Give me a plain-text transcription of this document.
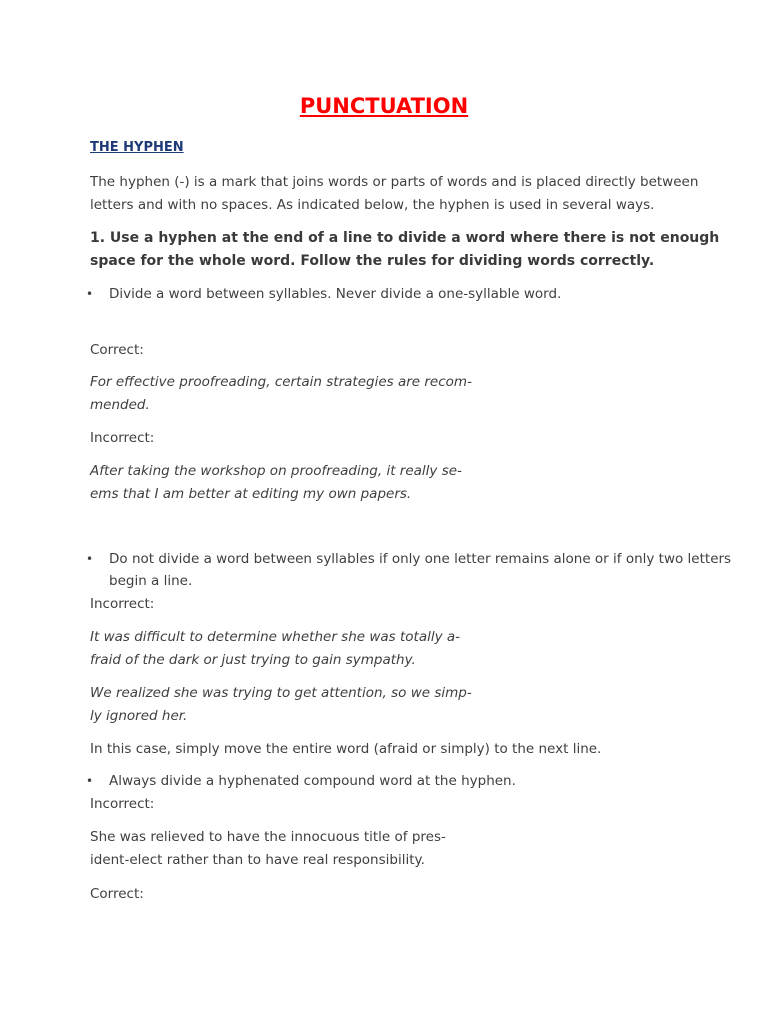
PUNCTUATION
THE HYPHEN
The hyphen (-) is a mark that joins words or parts of words and is placed directly between
letters and with no spaces. As indicated below, the hyphen is used in several ways.
1. Use a hyphen at the end of a line to divide a word where there is not enough
space for the whole word. Follow the rules for dividing words correctly.
•	Divide a word between syllables. Never divide a one-syllable word.
Correct:
For effective proofreading, certain strategies are recom-
mended.
Incorrect:
After taking the workshop on proofreading, it really se-
ems that I am better at editing my own papers.
•	Do not divide a word between syllables if only one letter remains alone or if only two letters
begin a line.
Incorrect:
It was difficult to determine whether she was totally a-
fraid of the dark or just trying to gain sympathy.
We realized she was trying to get attention, so we simp-
ly ignored her.
In this case, simply move the entire word (afraid or simply) to the next line.
•	Always divide a hyphenated compound word at the hyphen.
Incorrect:
She was relieved to have the innocuous title of pres-
ident-elect rather than to have real responsibility.
Correct:
